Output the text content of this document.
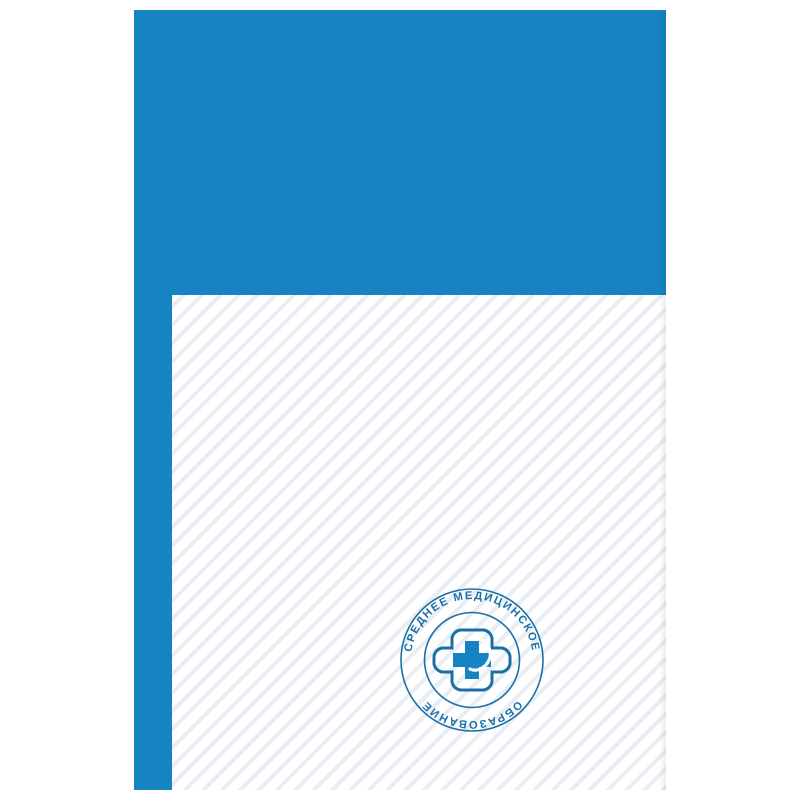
СРЕДНЕЕ МЕДИЦИНСКОЕ
ОБРАЗОВАНИЕ
